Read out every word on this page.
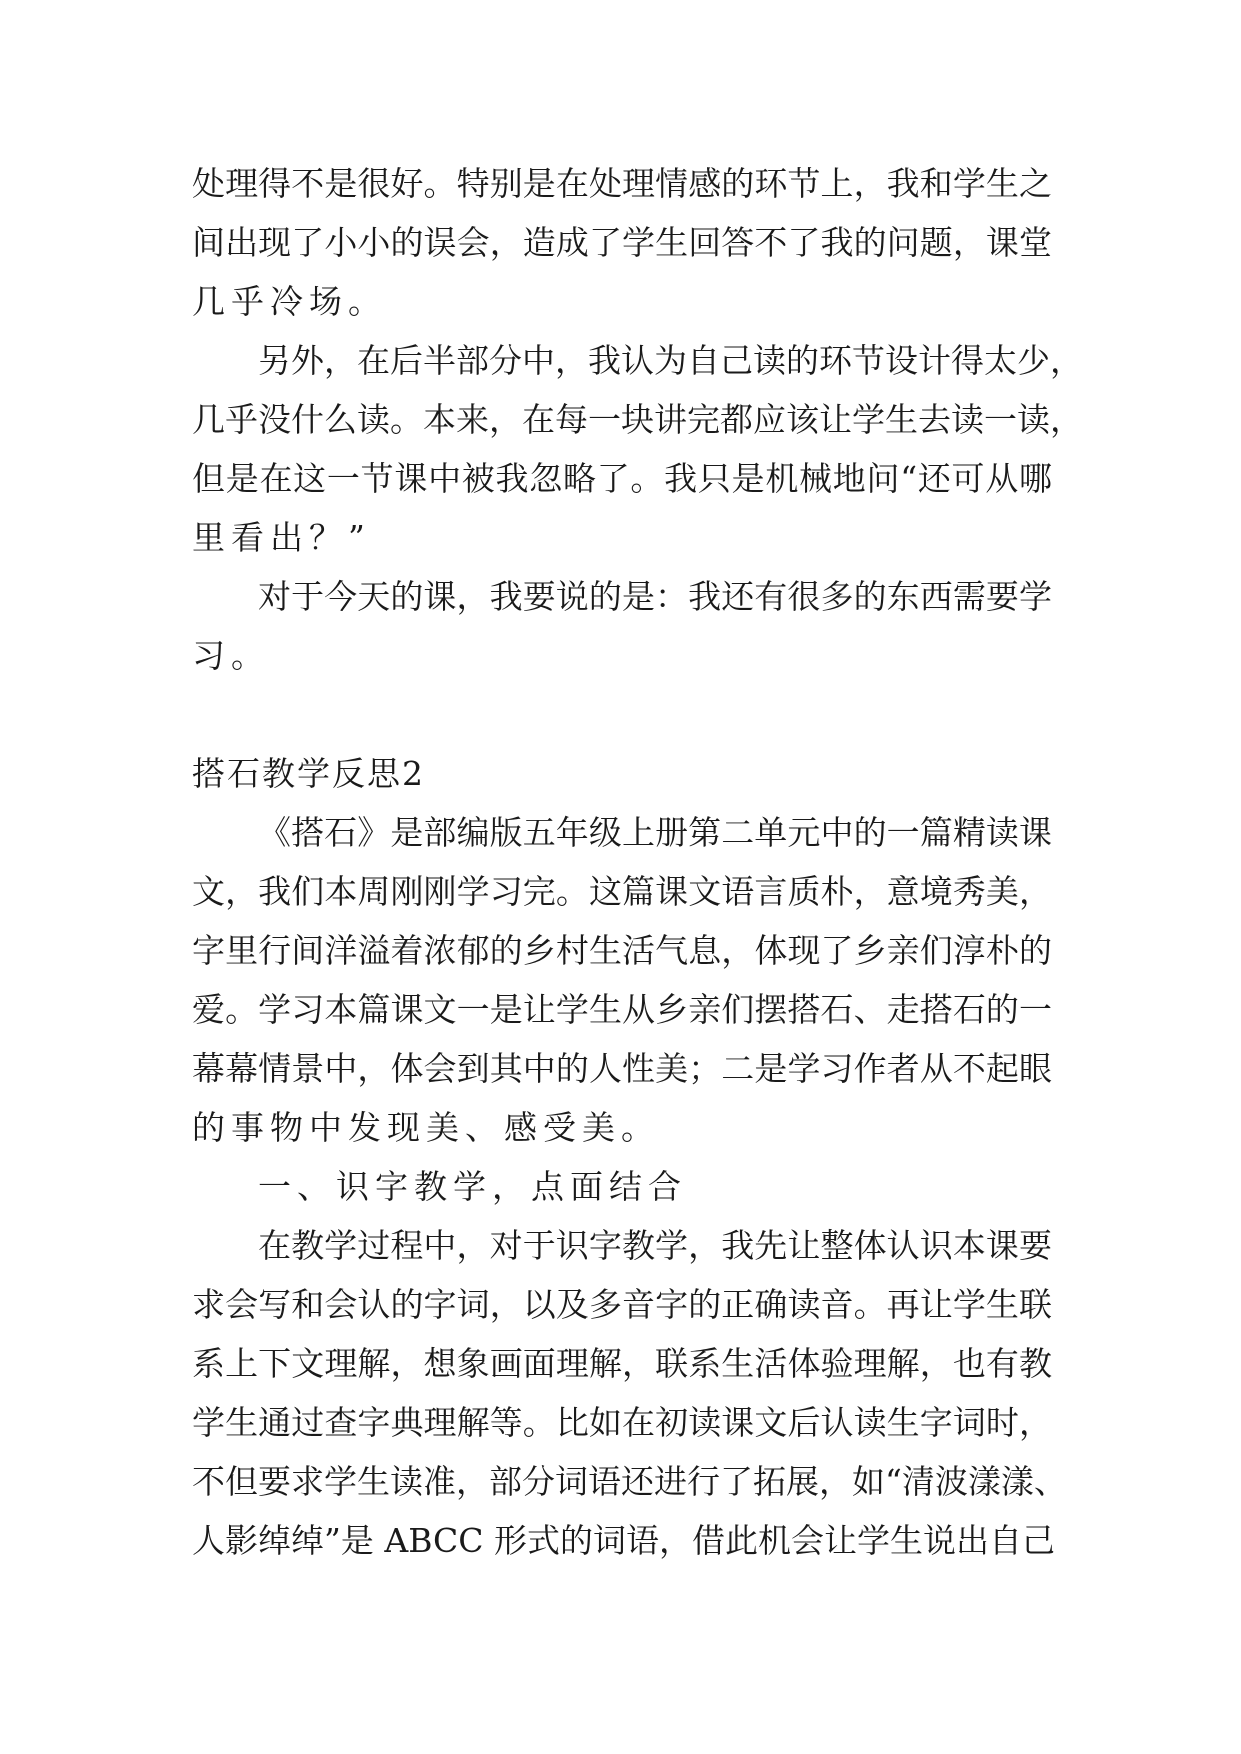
处理得不是很好。特别是在处理情感的环节上，我和学生之

间出现了小小的误会，造成了学生回答不了我的问题，课堂

几乎冷场。

另外，在后半部分中，我认为自己读的环节设计得太少，

几乎没什么读。本来，在每一块讲完都应该让学生去读一读，

但是在这一节课中被我忽略了。我只是机械地问“还可从哪

里看出？”

对于今天的课，我要说的是：我还有很多的东西需要学

习。

搭石教学反思2

《搭石》是部编版五年级上册第二单元中的一篇精读课

文，我们本周刚刚学习完。这篇课文语言质朴，意境秀美，

字里行间洋溢着浓郁的乡村生活气息，体现了乡亲们淳朴的

爱。学习本篇课文一是让学生从乡亲们摆搭石、走搭石的一

幕幕情景中，体会到其中的人性美；二是学习作者从不起眼

的事物中发现美、感受美。

一、识字教学，点面结合

在教学过程中，对于识字教学，我先让整体认识本课要

求会写和会认的字词，以及多音字的正确读音。再让学生联

系上下文理解，想象画面理解，联系生活体验理解，也有教

学生通过查字典理解等。比如在初读课文后认读生字词时，

不但要求学生读准，部分词语还进行了拓展，如“清波漾漾、

人影绰绰”是 ABCC 形式的词语，借此机会让学生说出自己
